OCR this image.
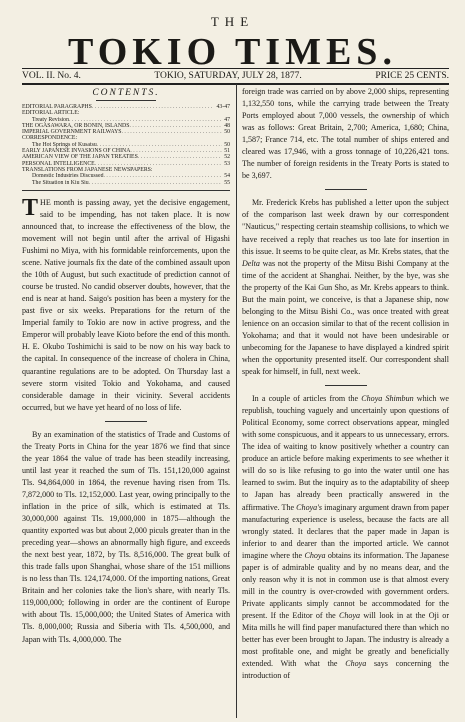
THE
TOKIO TIMES.
VOL. II. No. 4.	TOKIO, SATURDAY, JULY 28, 1877.	PRICE 25 CENTS.
CONTENTS.
EDITORIAL PARAGRAPHS . . .	43-47
EDITORIAL ARTICLE:
Treaty Revision . . .	47
THE OGASAWARA, OR BONIN, ISLANDS . . .	48
IMPERIAL GOVERNMENT RAILWAYS . . .	50
CORRESPONDENCE:
The Hot Springs of Kusatsu . . .	50
EARLY JAPANESE INVASIONS OF CHINA . . .	51
AMERICAN VIEW OF THE JAPAN TREATIES . . .	52
PERSONAL INTELLIGENCE . . .	53
TRANSLATIONS FROM JAPANESE NEWSPAPERS:
Domestic Industries Discussed . . .	54
The Situation in Kiu Siu . . .	55

THE month is passing away, yet the decisive engagement, said to be impending, has not taken place. It is now announced that, to increase the effectiveness of the blow, the movement will not begin until after the arrival of Higashi Fushimi no Miya, with his formidable reinforcements, upon the scene. Native journals fix the date of the combined assault upon the 10th of August, but such exactitude of prediction cannot of course be trusted. No candid observer doubts, however, that the end is near at hand. Saigo's position has been a mystery for the past five or six weeks. Preparations for the return of the Imperial family to Tokio are now in active progress, and the Emperor will probably leave Kioto before the end of this month. H. E. Okubo Toshimichi is said to be now on his way back to the capital. In consequence of the increase of cholera in China, quarantine regulations are to be adopted. On Thursday last a severe storm visited Tokio and Yokohama, and caused considerable damage in their vicinity. Several accidents occurred, but we have yet heard of no loss of life.

By an examination of the statistics of Trade and Customs of the Treaty Ports in China for the year 1876 we find that since the year 1864 the value of trade has been steadily increasing, until last year it reached the sum of Tls. 151,120,000 against Tls. 94,864,000 in 1864, the revenue having risen from Tls. 7,872,000 to Tls. 12,152,000. Last year, owing principally to the inflation in the price of silk, which is estimated at Tls. 30,000,000 against Tls. 19,000,000 in 1875—although the quantity exported was but about 2,000 piculs greater than in the preceding year—shows an abnormally high figure, and exceeds the next best year, 1872, by Tls. 8,516,000. The great bulk of this trade falls upon Shanghai, whose share of the 151 millions is no less than Tls. 124,174,000. Of the importing nations, Great Britain and her colonies take the lion's share, with nearly Tls. 119,000,000; following in order are the continent of Europe with about Tls. 15,000,000; the United States of America with Tls. 8,000,000; Russia and Siberia with Tls. 4,500,000, and Japan with Tls. 4,000,000. The

foreign trade was carried on by above 2,000 ships, representing 1,132,550 tons, while the carrying trade between the Treaty Ports employed about 7,000 vessels, the ownership of which was as follows: Great Britain, 2,700; America, 1,680; China, 1,587; France 714, etc. The total number of ships entered and cleared was 17,946, with a gross tonnage of 10,226,421 tons. The number of foreign residents in the Treaty Ports is stated to be 3,697.

Mr. Frederick Krebs has published a letter upon the subject of the comparison last week drawn by our correspondent "Nauticus," respecting certain steamship collisions, to which we have received a reply that reaches us too late for insertion in this issue. It seems to be quite clear, as Mr. Krebs states, that the Delta was not the property of the Mitsu Bishi Company at the time of the accident at Shanghai. Neither, by the bye, was she the property of the Kai Gun Sho, as Mr. Krebs appears to think. But the main point, we conceive, is that a Japanese ship, now belonging to the Mitsu Bishi Co., was once treated with great lenience on an occasion similar to that of the recent collision in Yokohama; and that it would not have been undesirable or unbecoming for the Japanese to have displayed a kindred spirit when the opportunity presented itself. Our correspondent shall speak for himself, in full, next week.

In a couple of articles from the Choya Shimbun which we republish, touching vaguely and uncertainly upon questions of Political Economy, some correct observations appear, mingled with some conspicuous, and it appears to us unnecessary, errors. The idea of waiting to know positively whether a country can produce an article before making experiments to see whether it will do so is like refusing to go into the water until one has learned to swim. But the inquiry as to the adaptability of sheep to Japan has already been practically answered in the affirmative. The Choya's imaginary argument drawn from paper manufacturing experience is useless, because the facts are all wrongly stated. It declares that the paper made in Japan is inferior to and dearer than the imported article. We cannot imagine where the Choya obtains its information. The Japanese paper is of admirable quality and by no means dear, and the only reason why it is not in common use is that almost every mill in the country is over-crowded with government orders. Private applicants simply cannot be accommodated for the present. If the Editor of the Choya will look in at the Oji or Mita mills he will find paper manufactured there than which no better has ever been brought to Japan. The industry is already a most profitable one, and might be greatly and beneficially extended. With what the Choya says concerning the introduction of
